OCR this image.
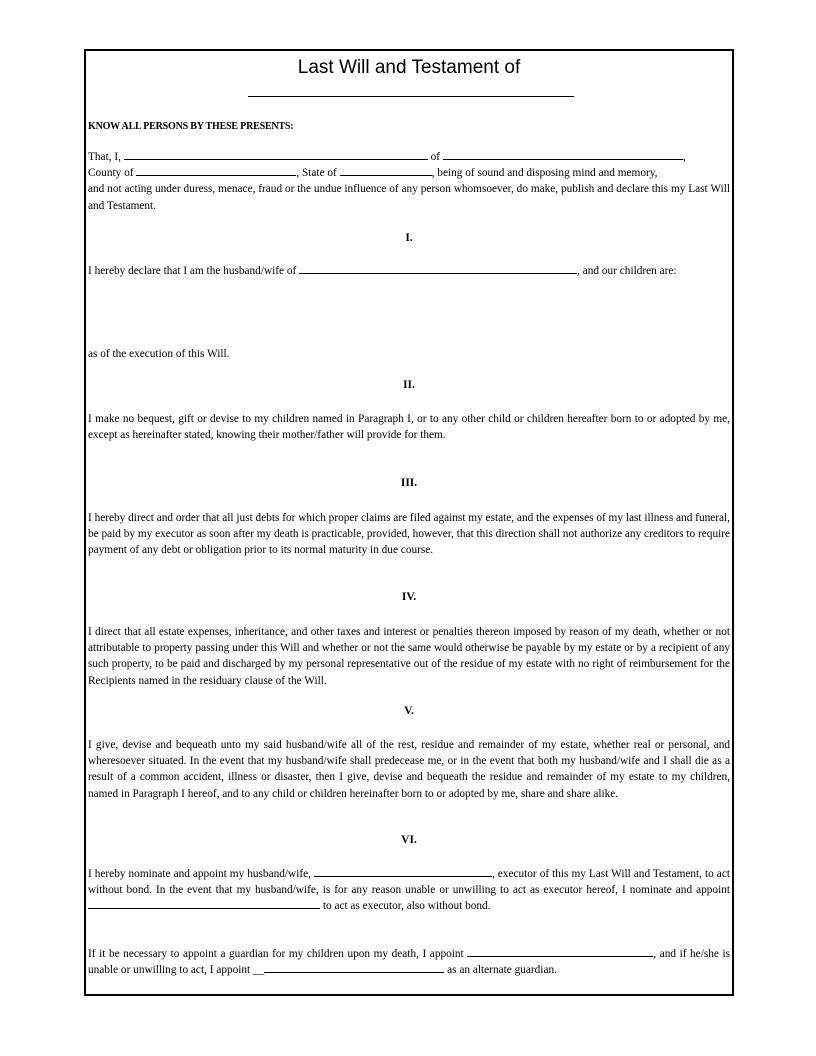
Last Will and Testament of
KNOW ALL PERSONS BY THESE PRESENTS:
That, I,	of	,
County of	, State of	, being of sound and disposing mind and memory,
and not acting under duress, menace, fraud or the undue influence of any person whomsoever, do make, publish and declare this my Last Will and Testament.
I.
I hereby declare that I am the husband/wife of	, and our children are:
as of the execution of this Will.
II.
I make no bequest, gift or devise to my children named in Paragraph I, or to any other child or children hereafter born to or adopted by me, except as hereinafter stated, knowing their mother/father will provide for them.
III.
I hereby direct and order that all just debts for which proper claims are filed against my estate, and the expenses of my last illness and funeral, be paid by my executor as soon after my death is practicable, provided, however, that this direction shall not authorize any creditors to require payment of any debt or obligation prior to its normal maturity in due course.
IV.
I direct that all estate expenses, inheritance, and other taxes and interest or penalties thereon imposed by reason of my death, whether or not attributable to property passing under this Will and whether or not the same would otherwise be payable by my estate or by a recipient of any such property, to be paid and discharged by my personal representative out of the residue of my estate with no right of reimbursement for the Recipients named in the residuary clause of the Will.
V.
I give, devise and bequeath unto my said husband/wife all of the rest, residue and remainder of my estate, whether real or personal, and wheresoever situated. In the event that my husband/wife shall predecease me, or in the event that both my husband/wife and I shall die as a result of a common accident, illness or disaster, then I give, devise and bequeath the residue and remainder of my estate to my children, named in Paragraph I hereof, and to any child or children hereinafter born to or adopted by me, share and share alike.
VI.
I hereby nominate and appoint my husband/wife,	, executor of this my Last Will and Testament, to act without bond. In the event that my husband/wife, is for any reason unable or unwilling to act as executor hereof, I nominate and appoint  to act as executor, also without bond.
If it be necessary to appoint a guardian for my children upon my death, I appoint	, and if he/she is unable or unwilling to act, I appoint __	as an alternate guardian.
